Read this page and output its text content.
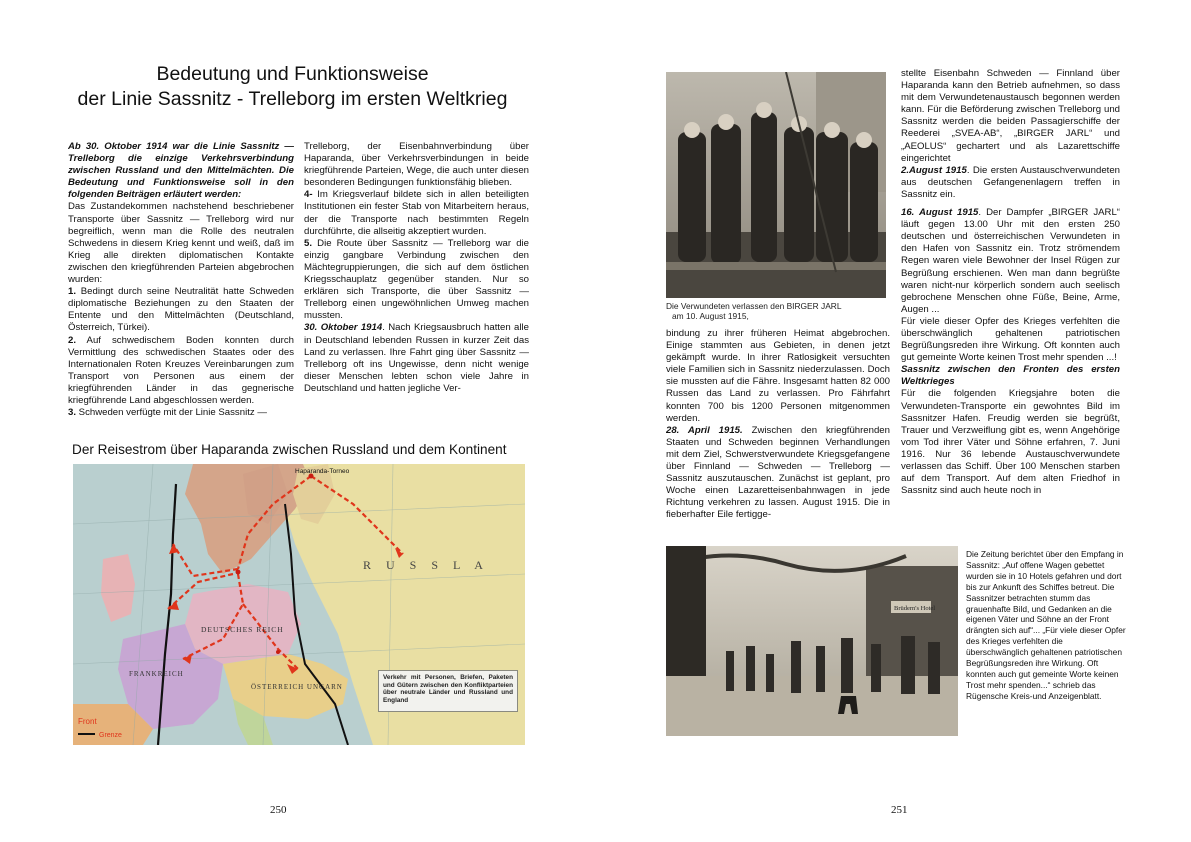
Bedeutung und Funktionsweise
der Linie Sassnitz - Trelleborg im ersten Weltkrieg

Ab 30. Oktober 1914 war die Linie Sassnitz — Trelleborg die einzige Verkehrsverbindung zwischen Russland und den Mittelmächten. Die Bedeutung und Funktionsweise soll in den folgenden Beiträgen erläutert werden:

Das Zustandekommen nachstehend beschriebener Transporte über Sassnitz — Trelleborg wird nur begreiflich, wenn man die Rolle des neutralen Schwedens in diesem Krieg kennt und weiß, daß im Krieg alle direkten diplomatischen Kontakte zwischen den kriegführenden Parteien abgebrochen wurden:

1. Bedingt durch seine Neutralität hatte Schweden diplomatische Beziehungen zu den Staaten der Entente und den Mittelmächten (Deutschland, Österreich, Türkei).

2. Auf schwedischem Boden konnten durch Vermittlung des schwedischen Staates oder des Internationalen Roten Kreuzes Vereinbarungen zum Transport von Personen aus einem der kriegführenden Länder in das gegnerische kriegführende Land abgeschlossen werden.

3. Schweden verfügte mit der Linie Sassnitz —

Trelleborg, der Eisenbahnverbindung über Haparanda, über Verkehrsverbindungen in beide kriegführende Parteien, Wege, die auch unter diesen besonderen Bedingungen funktionsfähig blieben.

4- Im Kriegsverlauf bildete sich in allen beteiligten Institutionen ein fester Stab von Mitarbeitern heraus, der die Transporte nach bestimmten Regeln durchführte, die allseitig akzeptiert wurden.

5. Die Route über Sassnitz — Trelleborg war die einzig gangbare Verbindung zwischen den Mächtegruppierungen, die sich auf dem östlichen Kriegsschauplatz gegenüber standen. Nur so erklären sich Transporte, die über Sassnitz — Trelleborg einen ungewöhnlichen Umweg machen mussten.

30. Oktober 1914. Nach Kriegsausbruch hatten alle in Deutschland lebenden Russen in kurzer Zeit das Land zu verlassen. Ihre Fahrt ging über Sassnitz — Trelleborg oft ins Ungewisse, denn nicht wenige dieser Menschen lebten schon viele Jahre in Deutschland und hatten jegliche Ver-

Der Reisestrom über Haparanda zwischen Russland und dem Kontinent
Haparanda-Torneo
R U S S L A
DEUTSCHES REICH
ÖSTERREICH UNGARN
FRANKREICH
Front
Grenze
Verkehr mit Personen, Briefen, Paketen und Gütern zwischen den Konfliktparteien über neutrale Länder und Russland und England
250
Die Verwundeten verlassen den BIRGER JARL
am 10. August 1915,

stellte Eisenbahn Schweden — Finnland über Haparanda kann den Betrieb aufnehmen, so dass mit dem Verwundetenaustausch begonnen werden kann. Für die Beförderung zwischen Trelleborg und Sassnitz werden die beiden Passagierschiffe der Reederei „SVEA-AB“, „BIRGER JARL“ und „AEOLUS“ gechartert und als Lazarettschiffe eingerichtet

2.August 1915. Die ersten Austauschverwundeten aus deutschen Gefangenenlagern treffen in Sassnitz ein.

16. August 1915. Der Dampfer „BIRGER JARL“ läuft gegen 13.00 Uhr mit den ersten 250 deutschen und österreichischen Verwundeten in den Hafen von Sassnitz ein. Trotz strömendem Regen waren viele Bewohner der Insel Rügen zur Begrüßung erschienen. Wen man dann begrüßte waren nicht-nur körperlich sondern auch seelisch gebrochene Menschen ohne Füße, Beine, Arme, Augen ...

Für viele dieser Opfer des Krieges verfehlten die überschwänglich gehaltenen patriotischen Begrüßungsreden ihre Wirkung. Oft konnten auch gut gemeinte Worte keinen Trost mehr spenden ...!

Sassnitz zwischen den Fronten des ersten Weltkrieges

Für die folgenden Kriegsjahre boten die Verwundeten-Transporte ein gewohntes Bild im Sassnitzer Hafen. Freudig werden sie begrüßt, Trauer und Verzweiflung gibt es, wenn Angehörige vom Tod ihrer Väter und Söhne erfahren, 7. Juni 1916. Nur 36 lebende Austauschverwundete verlassen das Schiff. Über 100 Menschen starben auf dem Transport. Auf dem alten Friedhof in Sassnitz sind auch heute noch in

bindung zu ihrer früheren Heimat abgebrochen. Einige stammten aus Gebieten, in denen jetzt gekämpft wurde. In ihrer Ratlosigkeit versuchten viele Familien sich in Sassnitz niederzulassen. Doch sie mussten auf die Fähre. Insgesamt hatten 82 000 Russen das Land zu verlassen. Pro Fährfahrt konnten 700 bis 1200 Personen mitgenommen werden.

28. April 1915. Zwischen den kriegführenden Staaten und Schweden beginnen Verhandlungen mit dem Ziel, Schwerstverwundete Kriegsgefangene über Finnland — Schweden — Trelleborg — Sassnitz auszutauschen. Zunächst ist geplant, pro Woche einen Lazaretteisenbahnwagen in jede Richtung verkehren zu lassen. August 1915. Die in fieberhafter Eile fertigge-

Brüdern's Hotel
Die Zeitung berichtet über den Empfang in Sassnitz: „Auf offene Wagen gebettet wurden sie in 10 Hotels gefahren und dort bis zur Ankunft des Schiffes betreut. Die Sassnitzer betrachten stumm das grauenhafte Bild, und Gedanken an die eigenen Väter und Söhne an der Front drängten sich auf“... „Für viele dieser Opfer des Krieges verfehlten die überschwänglich gehaltenen patriotischen Begrüßungsreden ihre Wirkung. Oft konnten auch gut gemeinte Worte keinen Trost mehr spenden...“ schrieb das Rügensche Kreis-und Anzeigenblatt.
251
